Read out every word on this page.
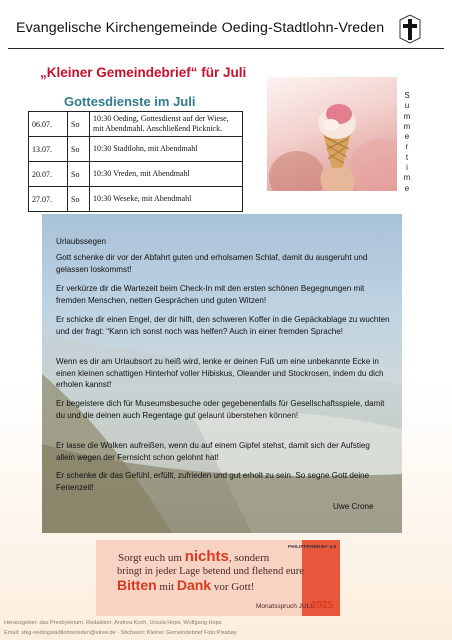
Evangelische Kirchengemeinde Oeding-Stadtlohn-Vreden
„Kleiner Gemeindebrief“ für Juli
Gottesdienste im Juli
06.07.	So	10:30 Oeding, Gottesdienst auf der Wiese, mit Abendmahl. Anschließend Picknick.
13.07.	So	10:30 Stadtlohn, mit Abendmahl
20.07.	So	10:30 Vreden, mit Abendmahl
27.07.	So	10:30 Weseke, mit Abendmahl
S
u
m
m
e
r
t
i
m
e
Urlaubssegen
Gott schenke dir vor der Abfahrt guten und erholsamen Schlaf, damit du ausgeruht und gelassen loskommst!
Er verkürze dir die Wartezeit beim Check-In mit den ersten schönen Begegnungen mit fremden Menschen, netten Gesprächen und guten Witzen!
Er schicke dir einen Engel, der dir hilft, den schweren Koffer in die Gepäckablage zu wuchten und der fragt: “Kann ich sonst noch was helfen? Auch in einer fremden Sprache!
Wenn es dir am Urlaubsort zu heiß wird, lenke er deinen Fuß um eine unbekannte Ecke in einen kleinen schattigen Hinterhof voller Hibiskus, Oleander und Stockrosen, indem du dich erholen kannst!
Er begeistere dich für Museumsbesuche oder gegebenenfalls für Gesellschaftsspiele, damit du und die deinen auch Regentage gut gelaunt überstehen können!
Er lasse die Wolken aufreißen, wenn du auf einem Gipfel stehst, damit sich der Aufstieg allein wegen der Fernsicht schon gelohnt hat!
Er schenke dir das Gefühl, erfüllt, zufrieden und gut erholt zu sein. So segne Gott deine Ferienzeit!
Uwe Crone
PHILIPPERBRIEF 4,6
Sorgt euch um nichts, sondern
bringt in jeder Lage betend und flehend eure
Bitten mit Dank vor Gott!
Monatsspruch JULI 2025
Herausgeber: das Presbyterium. Redaktion: Andrea Koch, Ursula Hops, Wolfgang Hops
Email: stkg-oedingstadtlohnvreden@ekvw.de · Stichwort: Kleiner Gemeindebrief Foto:Pixabay
